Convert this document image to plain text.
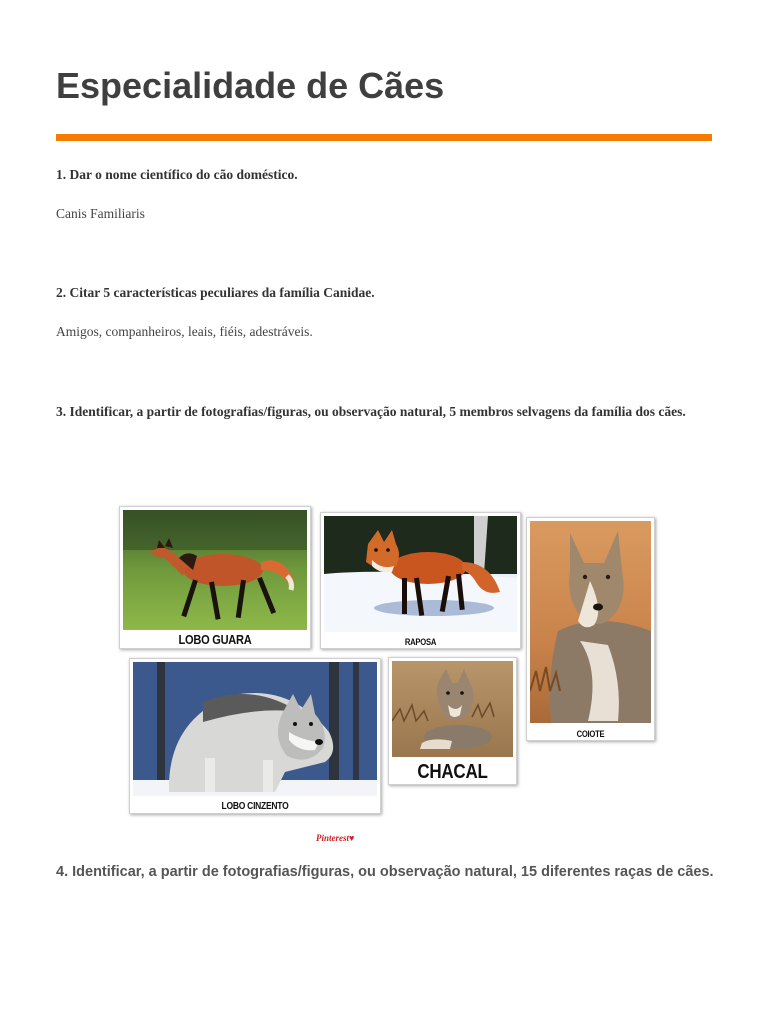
Especialidade de Cães

1. Dar o nome científico do cão doméstico.

Canis Familiaris

2. Citar 5 características peculiares da família Canidae.

Amigos, companheiros, leais, fiéis, adestráveis.

3. Identificar, a partir de fotografias/figuras, ou observação natural, 5 membros selvagens da família dos cães.

LOBO GUARA	RAPOSA
COIOTE
LOBO CINZENTO
CHACAL
Pinterest♥

4. Identificar, a partir de fotografias/figuras, ou observação natural, 15 diferentes raças de cães.
